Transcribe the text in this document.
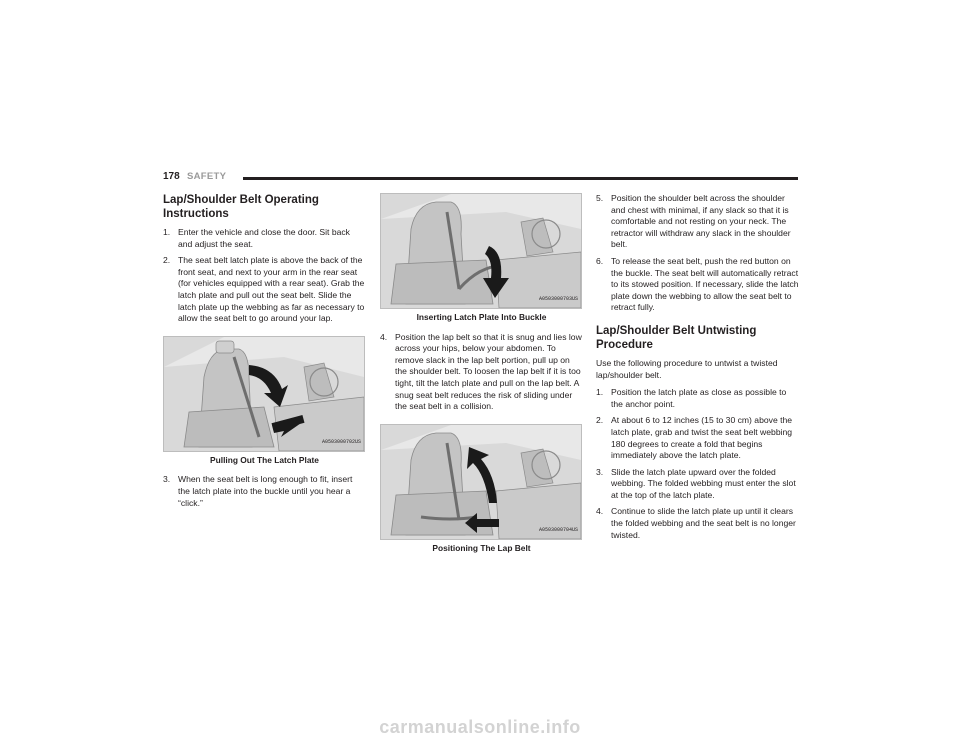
178 SAFETY
Lap/Shoulder Belt Operating Instructions
1. Enter the vehicle and close the door. Sit back and adjust the seat.
2. The seat belt latch plate is above the back of the front seat, and next to your arm in the rear seat (for vehicles equipped with a rear seat). Grab the latch plate and pull out the seat belt. Slide the latch plate up the webbing as far as necessary to allow the seat belt to go around your lap.
A0503000702US
Pulling Out The Latch Plate
3. When the seat belt is long enough to fit, insert the latch plate into the buckle until you hear a “click.”
A0503000703US
Inserting Latch Plate Into Buckle
4. Position the lap belt so that it is snug and lies low across your hips, below your abdomen. To remove slack in the lap belt portion, pull up on the shoulder belt. To loosen the lap belt if it is too tight, tilt the latch plate and pull on the lap belt. A snug seat belt reduces the risk of sliding under the seat belt in a collision.
A0503000704US
Positioning The Lap Belt
5. Position the shoulder belt across the shoulder and chest with minimal, if any slack so that it is comfortable and not resting on your neck. The retractor will withdraw any slack in the shoulder belt.
6. To release the seat belt, push the red button on the buckle. The seat belt will automatically retract to its stowed position. If necessary, slide the latch plate down the webbing to allow the seat belt to retract fully.
Lap/Shoulder Belt Untwisting Procedure

Use the following procedure to untwist a twisted lap/shoulder belt.

1. Position the latch plate as close as possible to the anchor point.
2. At about 6 to 12 inches (15 to 30 cm) above the latch plate, grab and twist the seat belt webbing 180 degrees to create a fold that begins immediately above the latch plate.
3. Slide the latch plate upward over the folded webbing. The folded webbing must enter the slot at the top of the latch plate.
4. Continue to slide the latch plate up until it clears the folded webbing and the seat belt is no longer twisted.
carmanualsonline.info
